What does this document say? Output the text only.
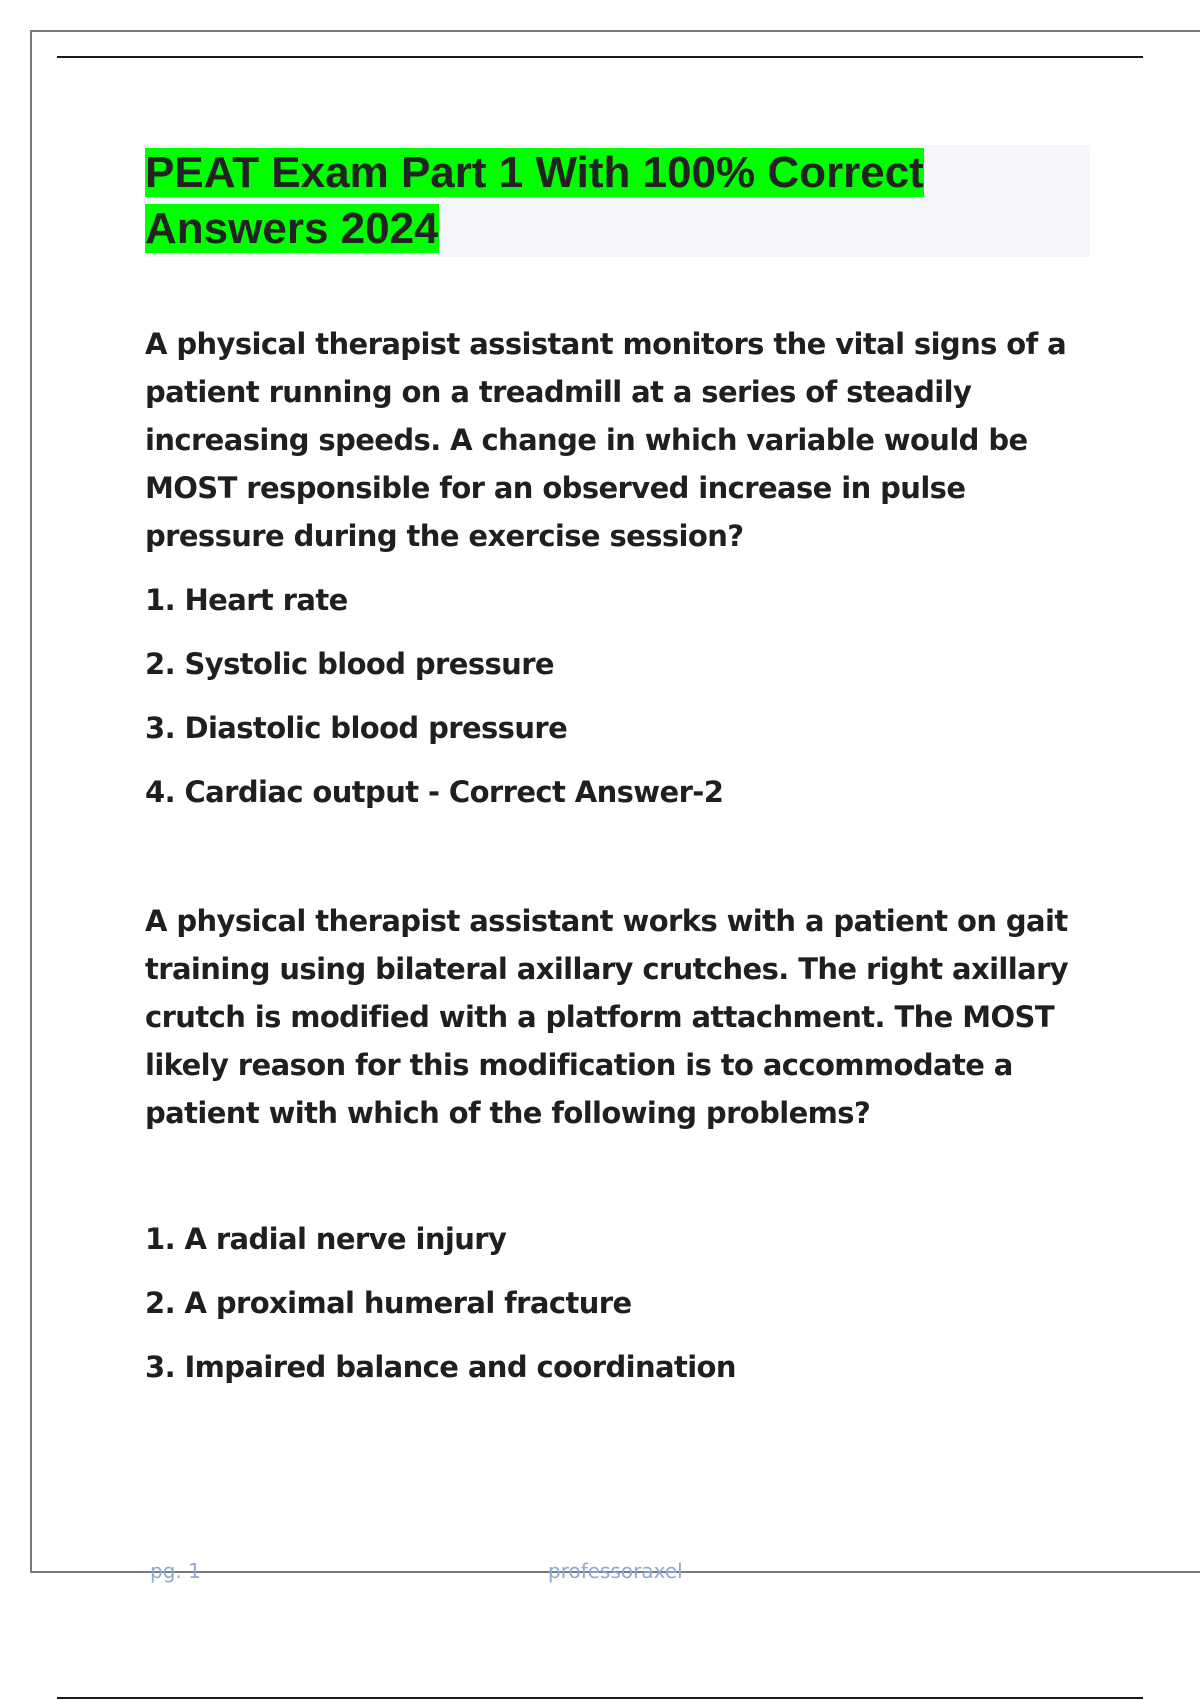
PEAT Exam Part 1 With 100% Correct
Answers 2024

A physical therapist assistant monitors the vital signs of a patient running on a treadmill at a series of steadily increasing speeds. A change in which variable would be MOST responsible for an observed increase in pulse pressure during the exercise session?

1. Heart rate

2. Systolic blood pressure

3. Diastolic blood pressure

4. Cardiac output - Correct Answer-2

A physical therapist assistant works with a patient on gait training using bilateral axillary crutches. The right axillary crutch is modified with a platform attachment. The MOST likely reason for this modification is to accommodate a patient with which of the following problems?

1. A radial nerve injury

2. A proximal humeral fracture

3. Impaired balance and coordination

pg. 1	professoraxel
